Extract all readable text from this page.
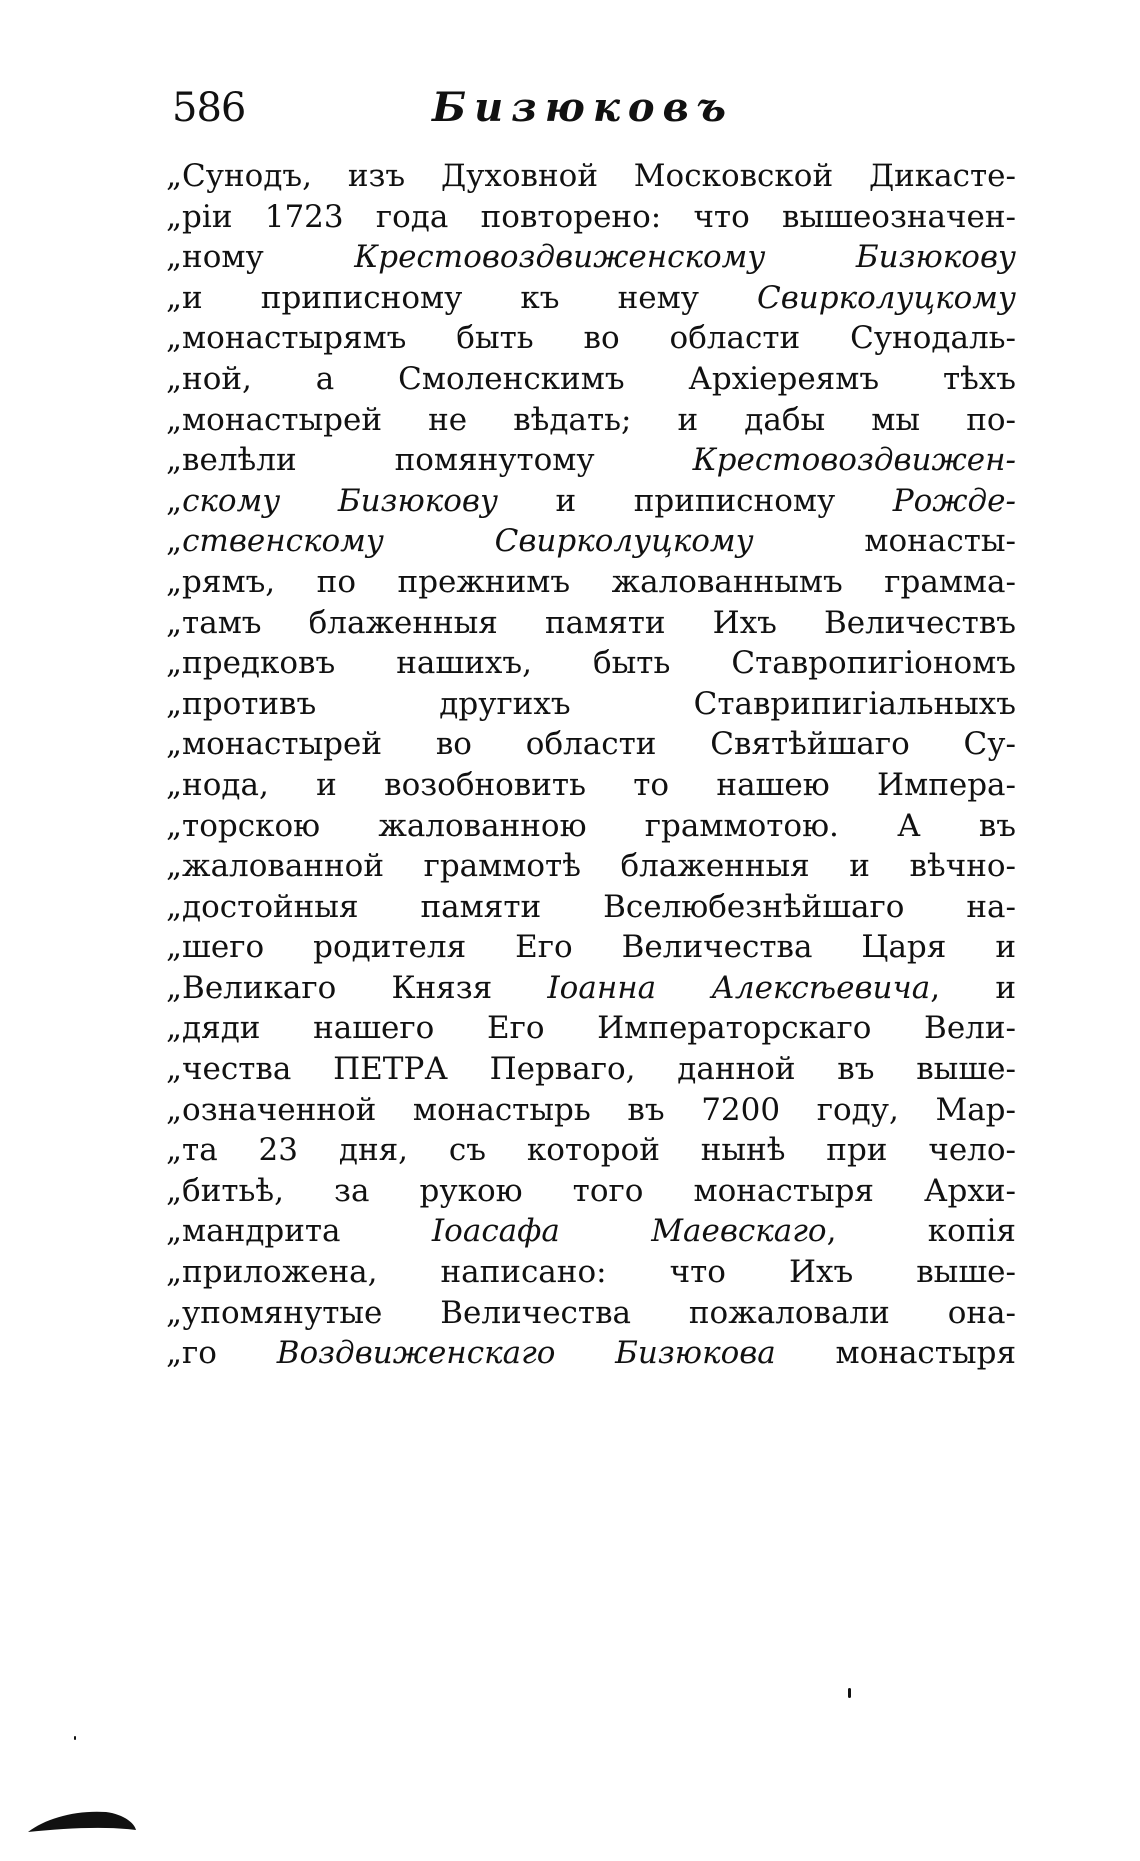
586	Бизюковъ
„Сунодъ, изъ Духовной Московской Дикасте-
„ріи 1723 года повторено: что вышеозначен-
„ному Крестовоздвиженскому Бизюкову
„и приписному къ нему Свирколуцкому
„монастырямъ быть во области Сунодаль-
„ной, а Смоленскимъ Архіереямъ тѣхъ
„монастырей не вѣдать; и дабы мы по-
„велѣли помянутому Крестовоздвижен-
„скому Бизюкову и приписному Рожде-
„ственскому Свирколуцкому монасты-
„рямъ, по прежнимъ жалованнымъ грамма-
„тамъ блаженныя памяти Ихъ Величествъ
„предковъ нашихъ, быть Ставропигіономъ
„противъ другихъ Ставрипигіальныхъ
„монастырей во области Святѣйшаго Су-
„нода, и возобновить то нашею Импера-
„торскою жалованною граммотою. А въ
„жалованной граммотѣ блаженныя и вѣчно-
„достойныя памяти Вселюбезнѣйшаго на-
„шего родителя Его Величества Царя и
„Великаго Князя Іоанна Алексѣевича, и
„дяди нашего Его Императорскаго Вели-
„чества ПЕТРА Перваго, данной въ выше-
„означенной монастырь въ 7200 году, Мар-
„та 23 дня, съ которой нынѣ при чело-
„битьѣ, за рукою того монастыря Архи-
„мандрита Іоасафа Маевскаго, копія
„приложена, написано: что Ихъ выше-
„упомянутые Величества пожаловали она-
„го Воздвиженскаго Бизюкова монастыря
